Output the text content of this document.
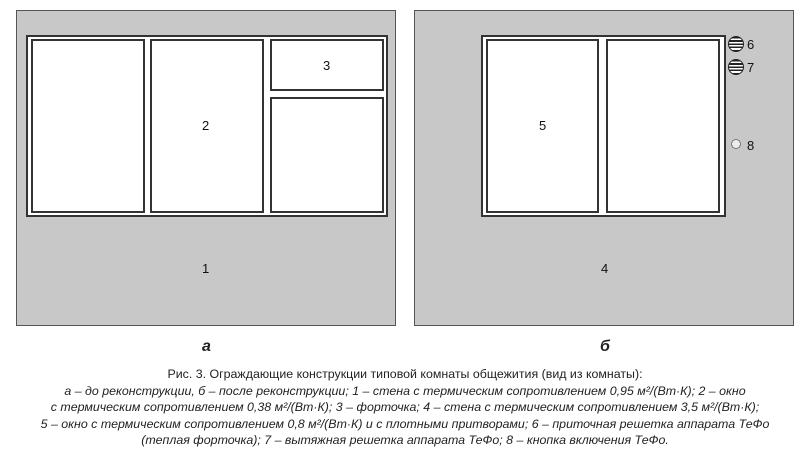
3
2
1
а
5
4
6
7
8
б
Рис. 3. Ограждающие конструкции типовой комнаты общежития (вид из комнаты):
а – до реконструкции, б – после реконструкции; 1 – стена с термическим сопротивлением 0,95 м²/(Вт·К); 2 – окно
с термическим сопротивлением 0,38 м²/(Вт·К); 3 – форточка; 4 – стена с термическим сопротивлением 3,5 м²/(Вт·К);
5 – окно с термическим сопротивлением 0,8 м²/(Вт·К) и с плотными притворами; 6 – приточная решетка аппарата ТеФо
(теплая форточка); 7 – вытяжная решетка аппарата ТеФо; 8 – кнопка включения ТеФо.
